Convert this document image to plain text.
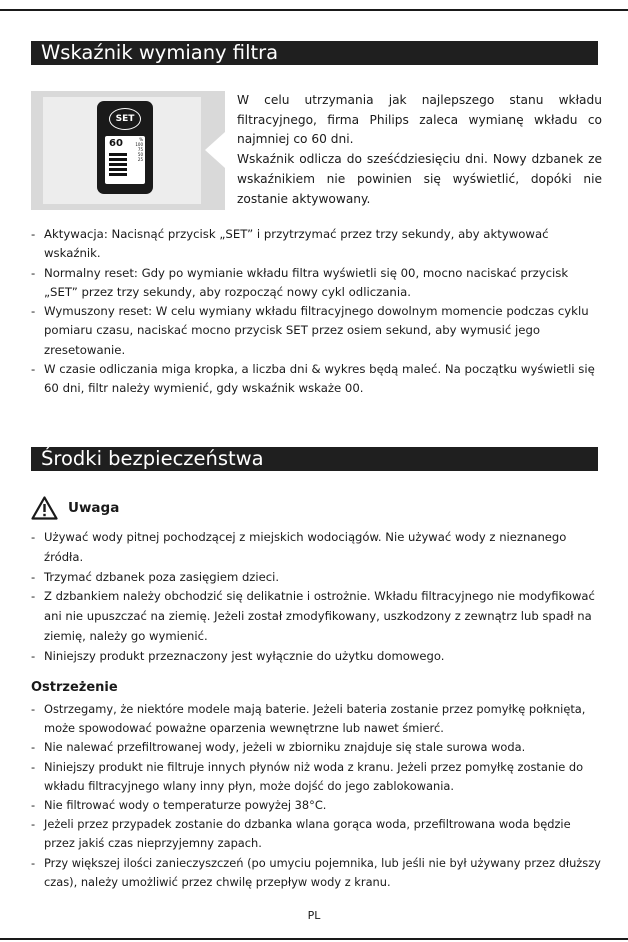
Wskaźnik wymiany filtra
SET
60	%
100
75
50
25

W celu utrzymania jak najlepszego stanu wkładu filtracyjnego, firma Philips zaleca wymianę wkładu co najmniej co 60 dni.

Wskaźnik odlicza do sześćdziesięciu dni. Nowy dzbanek ze wskaźnikiem nie powinien się wyświetlić, dopóki nie zostanie aktywowany.

- Aktywacja: Nacisnąć przycisk „SET” i przytrzymać przez trzy sekundy, aby aktywować wskaźnik.
- Normalny reset: Gdy po wymianie wkładu filtra wyświetli się 00, mocno naciskać przycisk „SET” przez trzy sekundy, aby rozpocząć nowy cykl odliczania.
- Wymuszony reset: W celu wymiany wkładu filtracyjnego dowolnym momencie podczas cyklu pomiaru czasu, naciskać mocno przycisk SET przez osiem sekund, aby wymusić jego zresetowanie.
- W czasie odliczania miga kropka, a liczba dni & wykres będą maleć. Na początku wyświetli się 60 dni, filtr należy wymienić, gdy wskaźnik wskaże 00.
Środki bezpieczeństwa
Uwaga
- Używać wody pitnej pochodzącej z miejskich wodociągów. Nie używać wody z nieznanego źródła.
- Trzymać dzbanek poza zasięgiem dzieci.
- Z dzbankiem należy obchodzić się delikatnie i ostrożnie. Wkładu filtracyjnego nie modyfikować ani nie upuszczać na ziemię. Jeżeli został zmodyfikowany, uszkodzony z zewnątrz lub spadł na ziemię, należy go wymienić.
- Niniejszy produkt przeznaczony jest wyłącznie do użytku domowego.
Ostrzeżenie
- Ostrzegamy, że niektóre modele mają baterie. Jeżeli bateria zostanie przez pomyłkę połknięta, może spowodować poważne oparzenia wewnętrzne lub nawet śmierć.
- Nie nalewać przefiltrowanej wody, jeżeli w zbiorniku znajduje się stale surowa woda.
- Niniejszy produkt nie filtruje innych płynów niż woda z kranu. Jeżeli przez pomyłkę zostanie do wkładu filtracyjnego wlany inny płyn, może dojść do jego zablokowania.
- Nie filtrować wody o temperaturze powyżej 38°C.
- Jeżeli przez przypadek zostanie do dzbanka wlana gorąca woda, przefiltrowana woda będzie przez jakiś czas nieprzyjemny zapach.
- Przy większej ilości zanieczyszczeń (po umyciu pojemnika, lub jeśli nie był używany przez dłuższy czas), należy umożliwić przez chwilę przepływ wody z kranu.
PL
